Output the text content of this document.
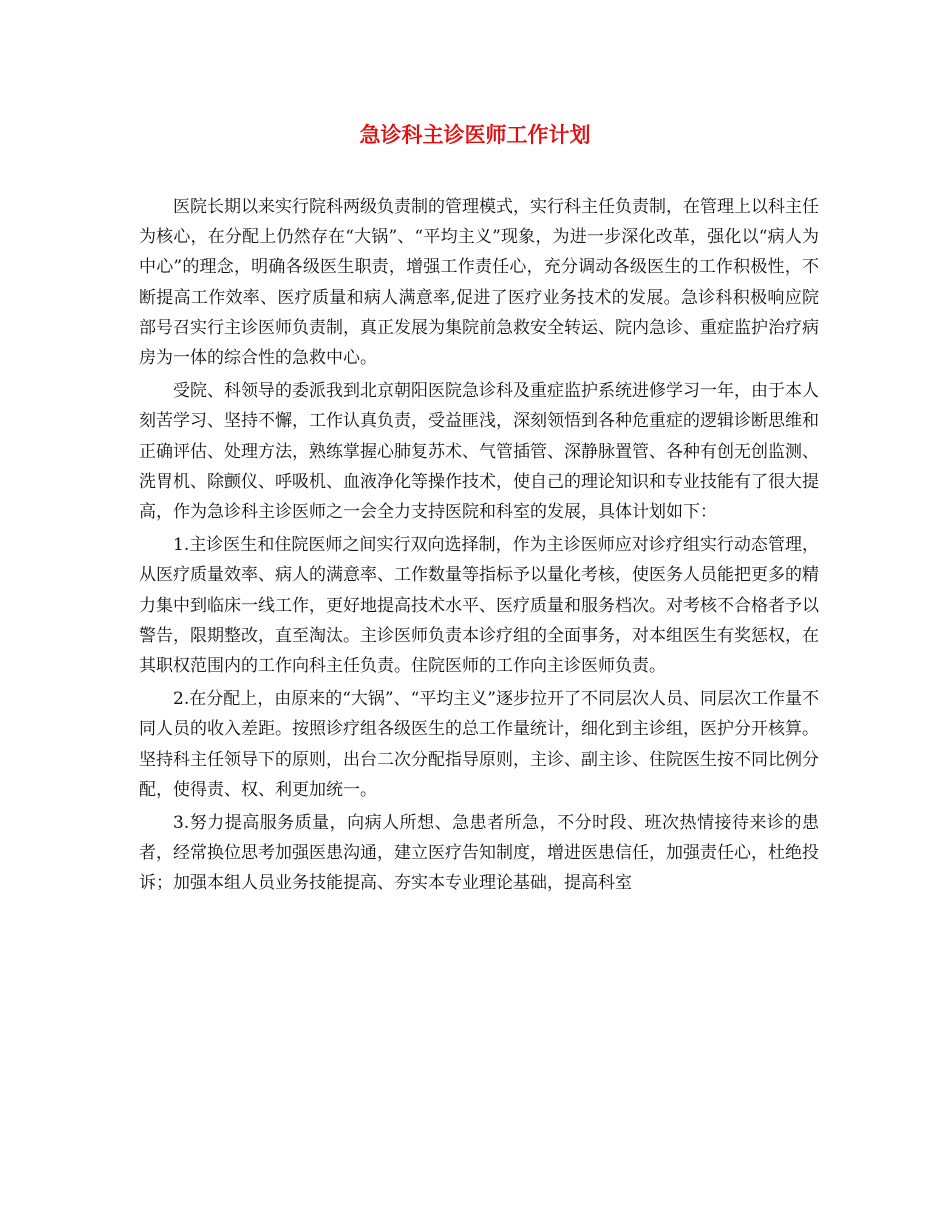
急诊科主诊医师工作计划

医院长期以来实行院科两级负责制的管理模式，实行科主任负责制，在管理上以科主任为核心，在分配上仍然存在“大锅”、“平均主义”现象，为进一步深化改革，强化以“病人为中心”的理念，明确各级医生职责，增强工作责任心，充分调动各级医生的工作积极性，不断提高工作效率、医疗质量和病人满意率,促进了医疗业务技术的发展。急诊科积极响应院部号召实行主诊医师负责制，真正发展为集院前急救安全转运、院内急诊、重症监护治疗病房为一体的综合性的急救中心。

受院、科领导的委派我到北京朝阳医院急诊科及重症监护系统进修学习一年，由于本人刻苦学习、坚持不懈，工作认真负责，受益匪浅，深刻领悟到各种危重症的逻辑诊断思维和正确评估、处理方法，熟练掌握心肺复苏术、气管插管、深静脉置管、各种有创无创监测、洗胃机、除颤仪、呼吸机、血液净化等操作技术，使自己的理论知识和专业技能有了很大提高，作为急诊科主诊医师之一会全力支持医院和科室的发展，具体计划如下：

1.主诊医生和住院医师之间实行双向选择制，作为主诊医师应对诊疗组实行动态管理，从医疗质量效率、病人的满意率、工作数量等指标予以量化考核，使医务人员能把更多的精力集中到临床一线工作，更好地提高技术水平、医疗质量和服务档次。对考核不合格者予以警告，限期整改，直至淘汰。主诊医师负责本诊疗组的全面事务，对本组医生有奖惩权，在其职权范围内的工作向科主任负责。住院医师的工作向主诊医师负责。

2.在分配上，由原来的“大锅”、“平均主义”逐步拉开了不同层次人员、同层次工作量不同人员的收入差距。按照诊疗组各级医生的总工作量统计，细化到主诊组，医护分开核算。坚持科主任领导下的原则，出台二次分配指导原则，主诊、副主诊、住院医生按不同比例分配，使得责、权、利更加统一。

3.努力提高服务质量，向病人所想、急患者所急，不分时段、班次热情接待来诊的患者，经常换位思考加强医患沟通，建立医疗告知制度，增进医患信任，加强责任心，杜绝投诉；加强本组人员业务技能提高、夯实本专业理论基础，提高科室
